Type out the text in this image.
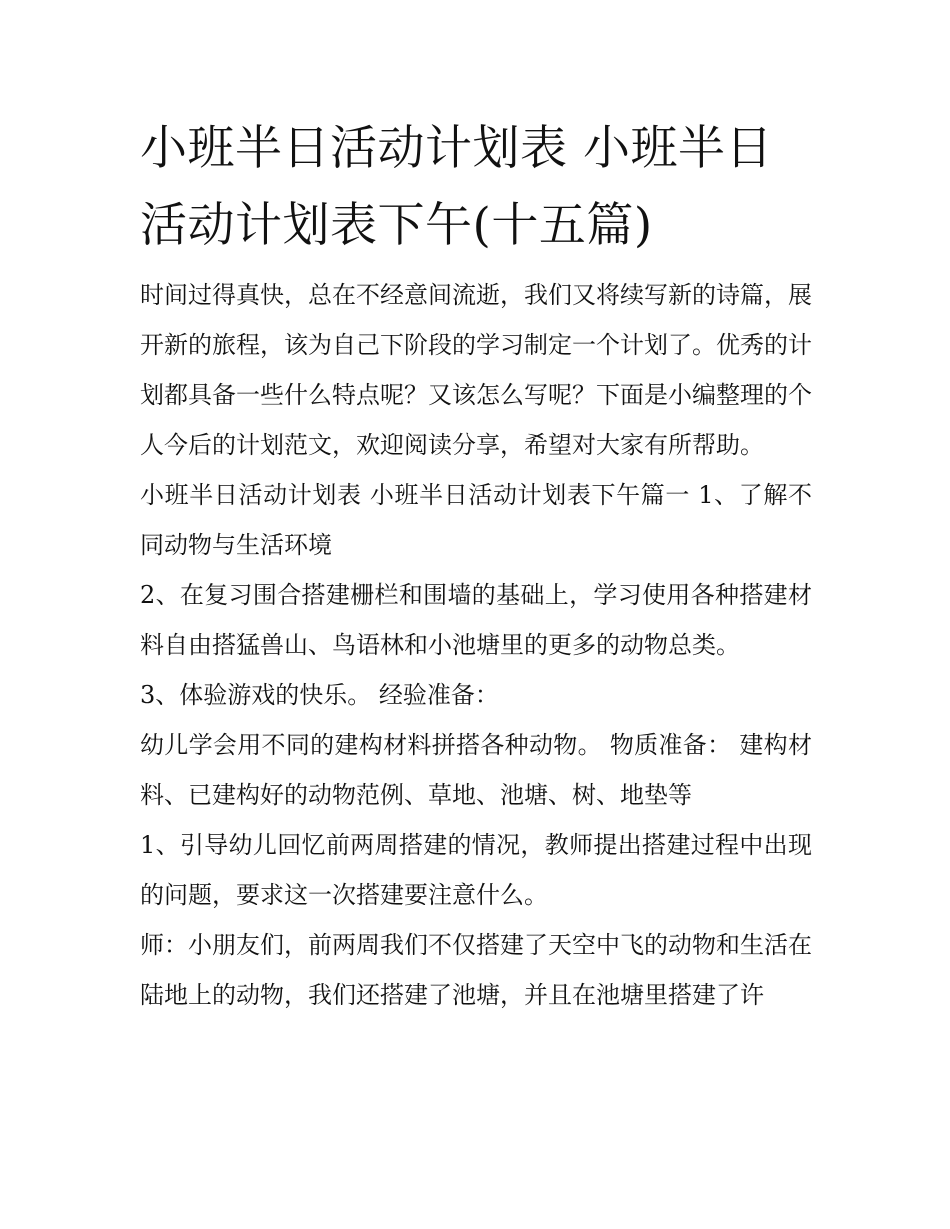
小班半日活动计划表 小班半日活动计划表下午(十五篇)

时间过得真快，总在不经意间流逝，我们又将续写新的诗篇，展开新的旅程，该为自己下阶段的学习制定一个计划了。优秀的计划都具备一些什么特点呢？又该怎么写呢？下面是小编整理的个人今后的计划范文，欢迎阅读分享，希望对大家有所帮助。

小班半日活动计划表 小班半日活动计划表下午篇一 1、了解不同动物与生活环境

2、在复习围合搭建栅栏和围墙的基础上，学习使用各种搭建材料自由搭猛兽山、鸟语林和小池塘里的更多的动物总类。

3、体验游戏的快乐。 经验准备：

幼儿学会用不同的建构材料拼搭各种动物。 物质准备： 建构材料、已建构好的动物范例、草地、池塘、树、地垫等

1、引导幼儿回忆前两周搭建的情况，教师提出搭建过程中出现的问题，要求这一次搭建要注意什么。

师：小朋友们，前两周我们不仅搭建了天空中飞的动物和生活在陆地上的动物，我们还搭建了池塘，并且在池塘里搭建了许
